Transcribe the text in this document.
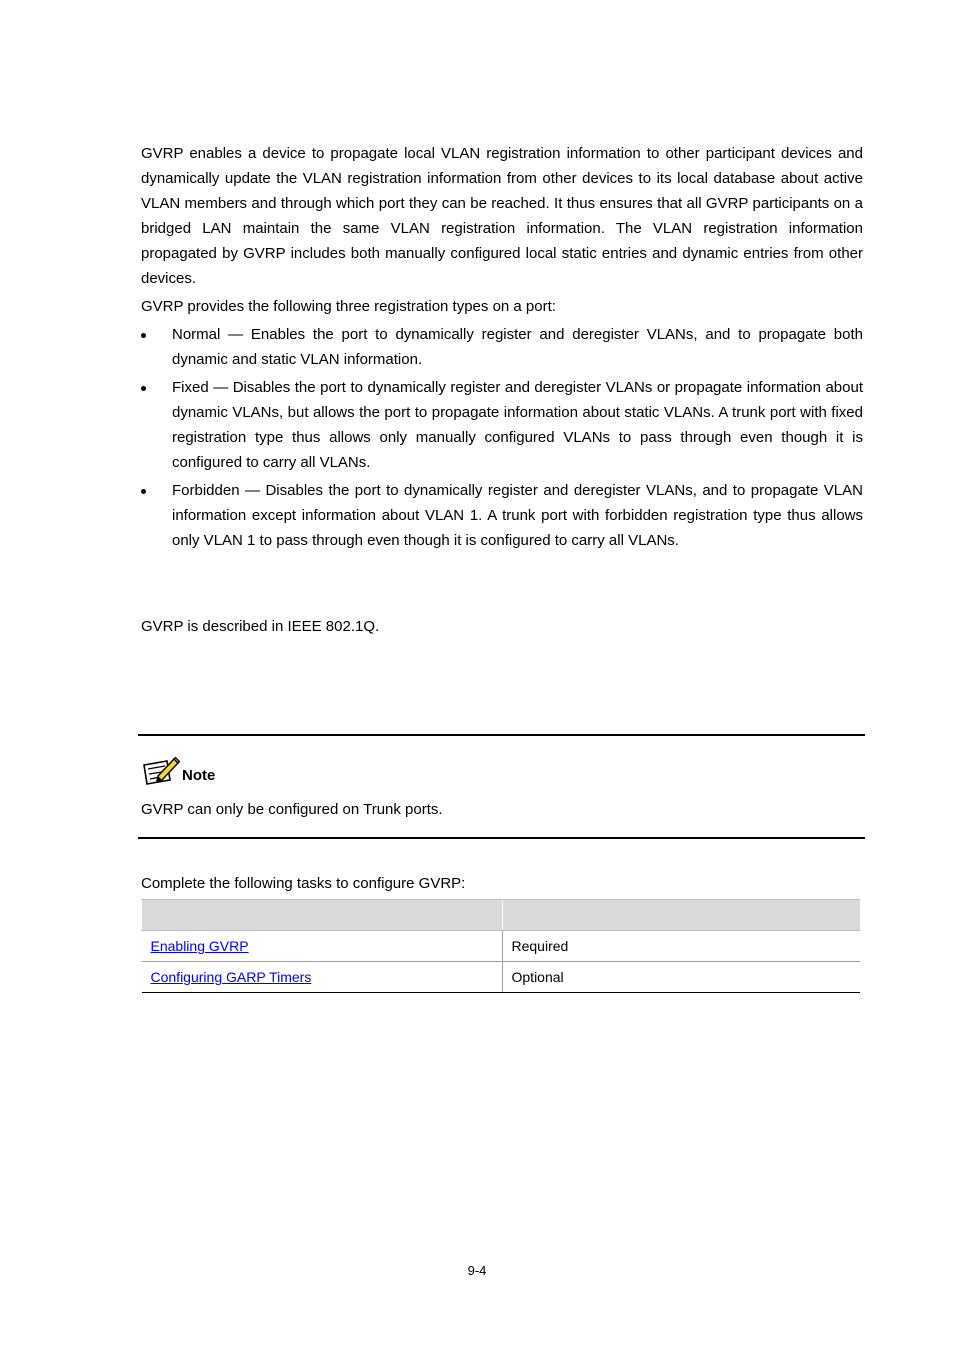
GVRP enables a device to propagate local VLAN registration information to other participant devices and dynamically update the VLAN registration information from other devices to its local database about active VLAN members and through which port they can be reached. It thus ensures that all GVRP participants on a bridged LAN maintain the same VLAN registration information. The VLAN registration information propagated by GVRP includes both manually configured local static entries and dynamic entries from other devices.

GVRP provides the following three registration types on a port:

Normal — Enables the port to dynamically register and deregister VLANs, and to propagate both dynamic and static VLAN information.
Fixed — Disables the port to dynamically register and deregister VLANs or propagate information about dynamic VLANs, but allows the port to propagate information about static VLANs. A trunk port with fixed registration type thus allows only manually configured VLANs to pass through even though it is configured to carry all VLANs.
Forbidden — Disables the port to dynamically register and deregister VLANs, and to propagate VLAN information except information about VLAN 1. A trunk port with forbidden registration type thus allows only VLAN 1 to pass through even though it is configured to carry all VLANs.

GVRP is described in IEEE 802.1Q.

Note

GVRP can only be configured on Trunk ports.

Complete the following tasks to configure GVRP:

Enabling GVRP	Required
Configuring GARP Timers	Optional
9-4
